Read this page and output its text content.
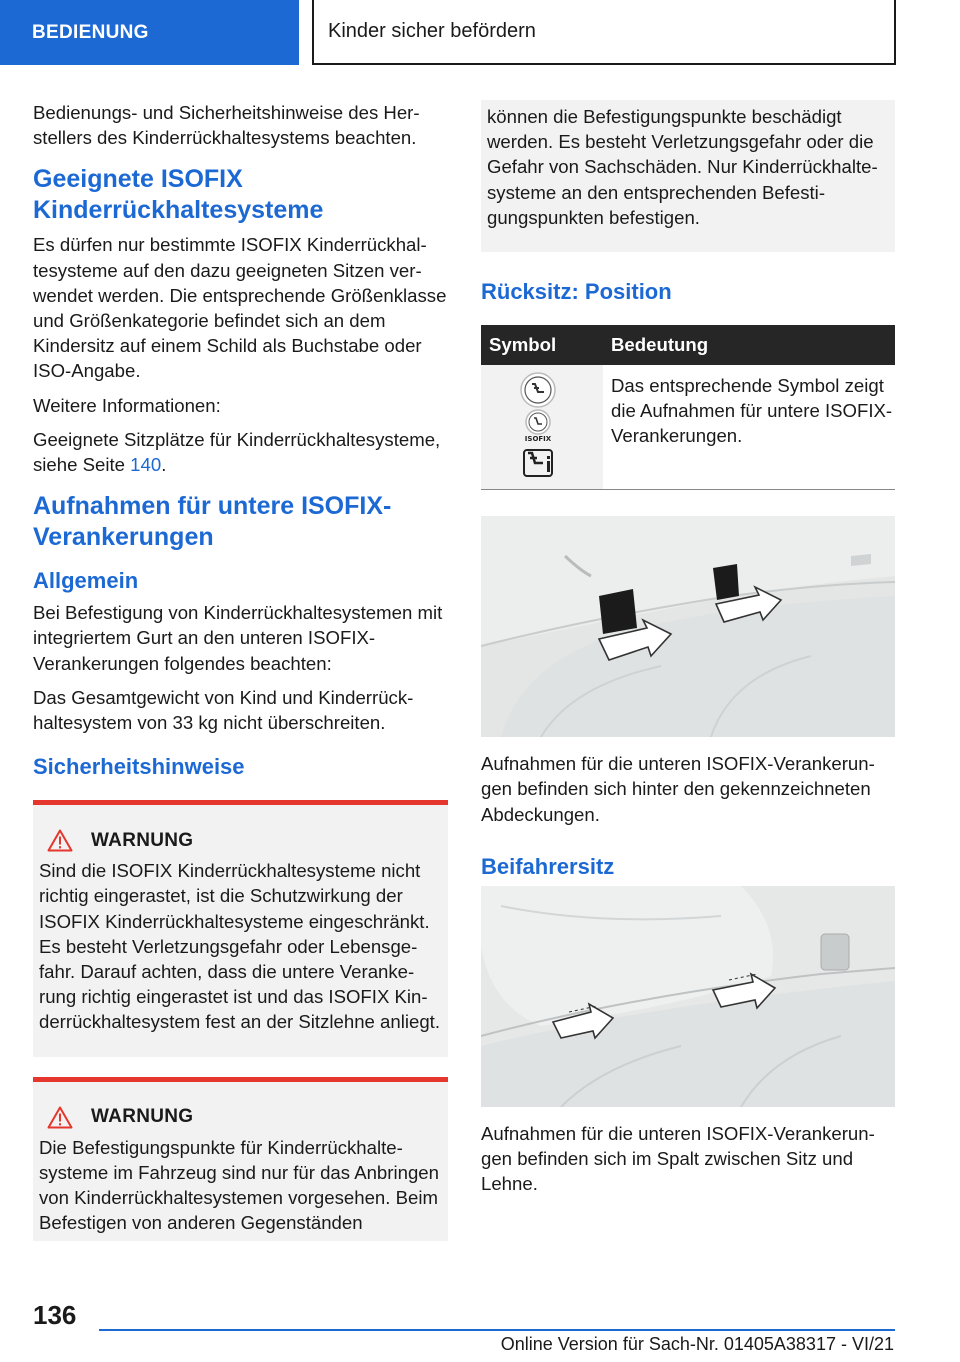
BEDIENUNG	Kinder sicher befördern

Bedienungs- und Sicherheitshinweise des Herstellers des Kinderrückhaltesystems beachten.

Geeignete ISOFIX Kinderrückhaltesysteme

Es dürfen nur bestimmte ISOFIX Kinderrückhaltesysteme auf den dazu geeigneten Sitzen verwendet werden. Die entsprechende Größenklasse und Größenkategorie befindet sich an dem Kindersitz auf einem Schild als Buchstabe oder ISO-Angabe.

Weitere Informationen:

Geeignete Sitzplätze für Kinderrückhaltesysteme, siehe Seite 140.

Aufnahmen für untere ISOFIX-Verankerungen
Allgemein

Bei Befestigung von Kinderrückhaltesystemen mit integriertem Gurt an den unteren ISOFIX-Verankerungen folgendes beachten:

Das Gesamtgewicht von Kind und Kinderrückhaltesystem von 33 kg nicht überschreiten.

Sicherheitshinweise
WARNUNG

Sind die ISOFIX Kinderrückhaltesysteme nicht richtig eingerastet, ist die Schutzwirkung der ISOFIX Kinderrückhaltesysteme eingeschränkt. Es besteht Verletzungsgefahr oder Lebensgefahr. Darauf achten, dass die untere Verankerung richtig eingerastet ist und das ISOFIX Kinderrückhaltesystem fest an der Sitzlehne anliegt.

WARNUNG

Die Befestigungspunkte für Kinderrückhaltesysteme im Fahrzeug sind nur für das Anbringen von Kinderrückhaltesystemen vorgesehen. Beim Befestigen von anderen Gegenständen

können die Befestigungspunkte beschädigt werden. Es besteht Verletzungsgefahr oder die Gefahr von Sachschäden. Nur Kinderrückhaltesysteme an den entsprechenden Befestigungspunkten befestigen.

Rücksitz: Position
Symbol	Bedeutung

ISOFIX	Das entsprechende Symbol zeigt die Aufnahmen für untere ISOFIX-Verankerungen.

Aufnahmen für die unteren ISOFIX-Verankerungen befinden sich hinter den gekennzeichneten Abdeckungen.

Beifahrersitz

Aufnahmen für die unteren ISOFIX-Verankerungen befinden sich im Spalt zwischen Sitz und Lehne.

136
Online Version für Sach-Nr. 01405A38317 - VI/21
